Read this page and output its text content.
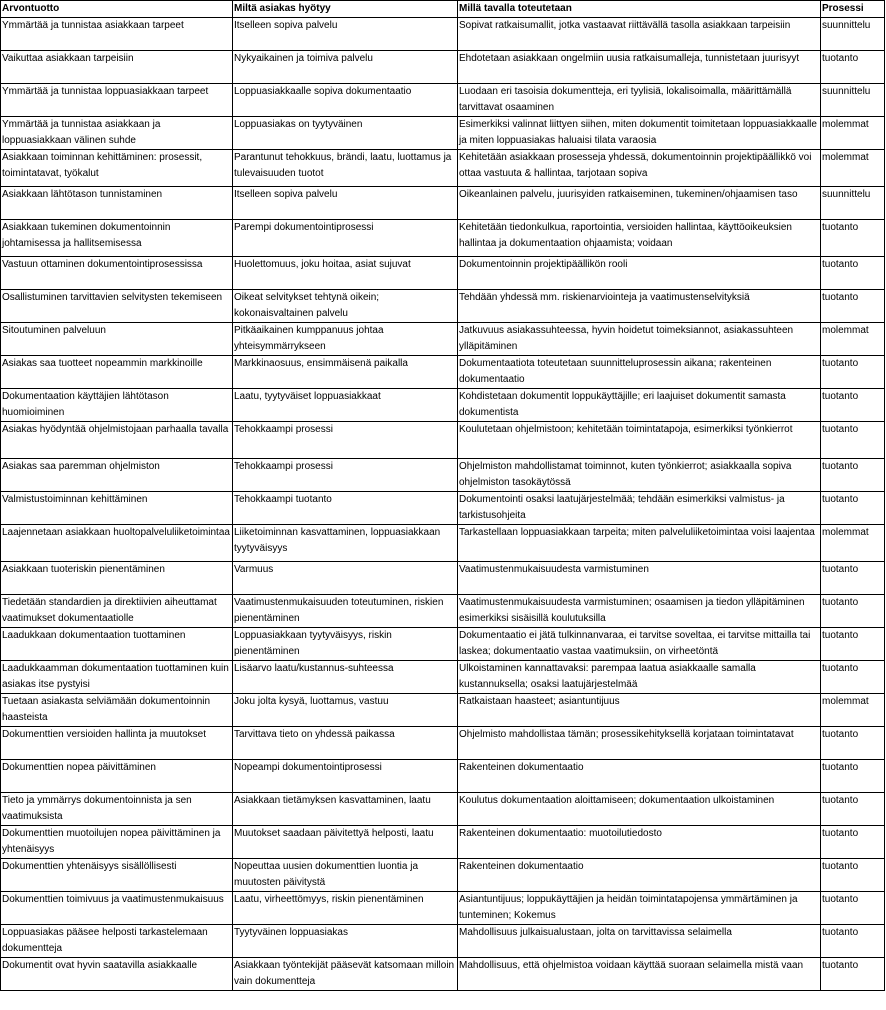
Arvontuotto	Miltä asiakas hyötyy	Millä tavalla toteutetaan	Prosessi
Ymmärtää ja tunnistaa asiakkaan tarpeet	Itselleen sopiva palvelu	Sopivat ratkaisumallit, jotka vastaavat riittävällä tasolla asiakkaan tarpeisiin	suunnittelu
Vaikuttaa asiakkaan tarpeisiin	Nykyaikainen ja toimiva palvelu	Ehdotetaan asiakkaan ongelmiin uusia ratkaisumalleja, tunnistetaan juurisyyt	tuotanto
Ymmärtää ja tunnistaa loppuasiakkaan tarpeet	Loppuasiakkaalle sopiva dokumentaatio	Luodaan eri tasoisia dokumentteja, eri tyylisiä, lokalisoimalla, määrittämällä tarvittavat osaaminen	suunnittelu
Ymmärtää ja tunnistaa asiakkaan ja loppuasiakkaan välinen suhde	Loppuasiakas on tyytyväinen	Esimerkiksi valinnat liittyen siihen, miten dokumentit toimitetaan loppuasiakkaalle ja miten loppuasiakas haluaisi tilata varaosia	molemmat
Asiakkaan toiminnan kehittäminen: prosessit, toimintatavat, työkalut	Parantunut tehokkuus, brändi, laatu, luottamus ja tulevaisuuden tuotot	Kehitetään asiakkaan prosesseja yhdessä, dokumentoinnin projektipäällikkö voi ottaa vastuuta & hallintaa, tarjotaan sopiva	molemmat
Asiakkaan lähtötason tunnistaminen	Itselleen sopiva palvelu	Oikeanlainen palvelu, juurisyiden ratkaiseminen, tukeminen/ohjaamisen taso	suunnittelu
Asiakkaan tukeminen dokumentoinnin johtamisessa ja hallitsemisessa	Parempi dokumentointiprosessi	Kehitetään tiedonkulkua, raportointia, versioiden hallintaa, käyttöoikeuksien hallintaa ja dokumentaation ohjaamista; voidaan	tuotanto
Vastuun ottaminen dokumentointiprosessissa	Huolettomuus, joku hoitaa, asiat sujuvat	Dokumentoinnin projektipäällikön rooli	tuotanto
Osallistuminen tarvittavien selvitysten tekemiseen	Oikeat selvitykset tehtynä oikein; kokonaisvaltainen palvelu	Tehdään yhdessä mm. riskienarviointeja ja vaatimustenselvityksiä	tuotanto
Sitoutuminen palveluun	Pitkäaikainen kumppanuus johtaa yhteisymmärrykseen	Jatkuvuus asiakassuhteessa, hyvin hoidetut toimeksiannot, asiakassuhteen ylläpitäminen	molemmat
Asiakas saa tuotteet nopeammin markkinoille	Markkinaosuus, ensimmäisenä paikalla	Dokumentaatiota toteutetaan suunnitteluprosessin aikana; rakenteinen dokumentaatio	tuotanto
Dokumentaation käyttäjien lähtötason huomioiminen	Laatu, tyytyväiset loppuasiakkaat	Kohdistetaan dokumentit loppukäyttäjille; eri laajuiset dokumentit samasta dokumentista	tuotanto
Asiakas hyödyntää ohjelmistojaan parhaalla tavalla	Tehokkaampi prosessi	Koulutetaan ohjelmistoon; kehitetään toimintatapoja, esimerkiksi työnkierrot	tuotanto
Asiakas saa paremman ohjelmiston	Tehokkaampi prosessi	Ohjelmiston mahdollistamat toiminnot, kuten työnkierrot; asiakkaalla sopiva ohjelmiston tasokäytössä	tuotanto
Valmistustoiminnan kehittäminen	Tehokkaampi tuotanto	Dokumentointi osaksi laatujärjestelmää; tehdään esimerkiksi valmistus- ja tarkistusohjeita	tuotanto
Laajennetaan asiakkaan huoltopalveluliiketoimintaa	Liiketoiminnan kasvattaminen, loppuasiakkaan tyytyväisyys	Tarkastellaan loppuasiakkaan tarpeita; miten palveluliiketoimintaa voisi laajentaa	molemmat
Asiakkaan tuoteriskin pienentäminen	Varmuus	Vaatimustenmukaisuudesta varmistuminen	tuotanto
Tiedetään standardien ja direktiivien aiheuttamat vaatimukset dokumentaatiolle	Vaatimustenmukaisuuden toteutuminen, riskien pienentäminen	Vaatimustenmukaisuudesta varmistuminen; osaamisen ja tiedon ylläpitäminen esimerkiksi sisäisillä koulutuksilla	tuotanto
Laadukkaan dokumentaation tuottaminen	Loppuasiakkaan tyytyväisyys, riskin pienentäminen	Dokumentaatio ei jätä tulkinnanvaraa, ei tarvitse soveltaa, ei tarvitse mittailla tai laskea; dokumentaatio vastaa vaatimuksiin, on virheetöntä	tuotanto
Laadukkaamman dokumentaation tuottaminen kuin asiakas itse pystyisi	Lisäarvo laatu/kustannus-suhteessa	Ulkoistaminen kannattavaksi: parempaa laatua asiakkaalle samalla kustannuksella; osaksi laatujärjestelmää	tuotanto
Tuetaan asiakasta selviämään dokumentoinnin haasteista	Joku jolta kysyä, luottamus, vastuu	Ratkaistaan haasteet; asiantuntijuus	molemmat
Dokumenttien versioiden hallinta ja muutokset	Tarvittava tieto on yhdessä paikassa	Ohjelmisto mahdollistaa tämän; prosessikehityksellä korjataan toimintatavat	tuotanto
Dokumenttien nopea päivittäminen	Nopeampi dokumentointiprosessi	Rakenteinen dokumentaatio	tuotanto
Tieto ja ymmärrys dokumentoinnista ja sen vaatimuksista	Asiakkaan tietämyksen kasvattaminen, laatu	Koulutus dokumentaation aloittamiseen; dokumentaation ulkoistaminen	tuotanto
Dokumenttien muotoilujen nopea päivittäminen ja yhtenäisyys	Muutokset saadaan päivitettyä helposti, laatu	Rakenteinen dokumentaatio: muotoilutiedosto	tuotanto
Dokumenttien yhtenäisyys sisällöllisesti	Nopeuttaa uusien dokumenttien luontia ja muutosten päivitystä	Rakenteinen dokumentaatio	tuotanto
Dokumenttien toimivuus ja vaatimustenmukaisuus	Laatu, virheettömyys, riskin pienentäminen	Asiantuntijuus; loppukäyttäjien ja heidän toimintatapojensa ymmärtäminen ja tunteminen; Kokemus	tuotanto
Loppuasiakas pääsee helposti tarkastelemaan dokumentteja	Tyytyväinen loppuasiakas	Mahdollisuus julkaisualustaan, jolta on tarvittavissa selaimella	tuotanto
Dokumentit ovat hyvin saatavilla asiakkaalle	Asiakkaan työntekijät pääsevät katsomaan milloin vain dokumentteja	Mahdollisuus, että ohjelmistoa voidaan käyttää suoraan selaimella mistä vaan	tuotanto
